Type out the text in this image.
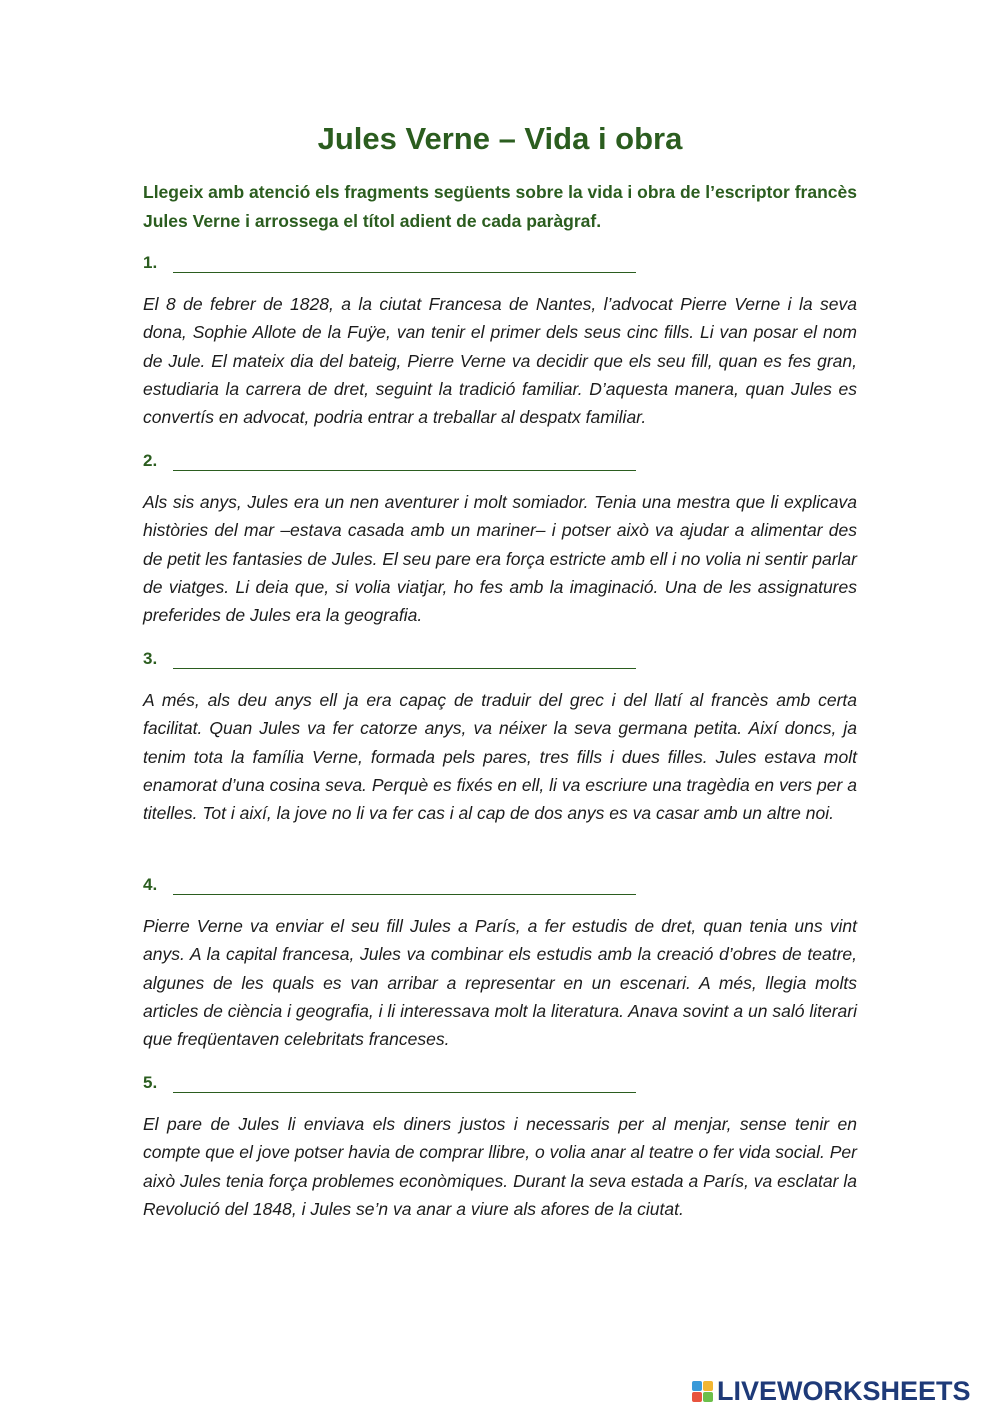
Jules Verne – Vida i obra

Llegeix amb atenció els fragments següents sobre la vida i obra de l’escriptor francès Jules Verne i arrossega el títol adient de cada paràgraf.

1.

El 8 de febrer de 1828, a la ciutat Francesa de Nantes, l’advocat Pierre Verne i la seva dona, Sophie Allote de la Fuÿe, van tenir el primer dels seus cinc fills. Li van posar el nom de Jule. El mateix dia del bateig, Pierre Verne va decidir que els seu fill, quan es fes gran, estudiaria la carrera de dret, seguint la tradició familiar. D’aquesta manera, quan Jules es convertís en advocat, podria entrar a treballar al despatx familiar.

2.

Als sis anys, Jules era un nen aventurer i molt somiador. Tenia una mestra que li explicava històries del mar –estava casada amb un mariner– i potser això va ajudar a alimentar des de petit les fantasies de Jules. El seu pare era força estricte amb ell i no volia ni sentir parlar de viatges. Li deia que, si volia viatjar, ho fes amb la imaginació. Una de les assignatures preferides de Jules era la geografia.

3.

A més, als deu anys ell ja era capaç de traduir del grec i del llatí al francès amb certa facilitat. Quan Jules va fer catorze anys, va néixer la seva germana petita. Així doncs, ja tenim tota la família Verne, formada pels pares, tres fills i dues filles. Jules estava molt enamorat d’una cosina seva. Perquè es fixés en ell, li va escriure una tragèdia en vers per a titelles. Tot i així, la jove no li va fer cas i al cap de dos anys es va casar amb un altre noi.

4.

Pierre Verne va enviar el seu fill Jules a París, a fer estudis de dret, quan tenia uns vint anys. A la capital francesa, Jules va combinar els estudis amb la creació d’obres de teatre, algunes de les quals es van arribar a representar en un escenari. A més, llegia molts articles de ciència i geografia, i li interessava molt la literatura. Anava sovint a un saló literari que freqüentaven celebritats franceses.

5.

El pare de Jules li enviava els diners justos i necessaris per al menjar, sense tenir en compte que el jove potser havia de comprar llibre, o volia anar al teatre o fer vida social. Per això Jules tenia força problemes econòmiques. Durant la seva estada a París, va esclatar la Revolució del 1848, i Jules se’n va anar a viure als afores de la ciutat.

LIVEWORKSHEETS
